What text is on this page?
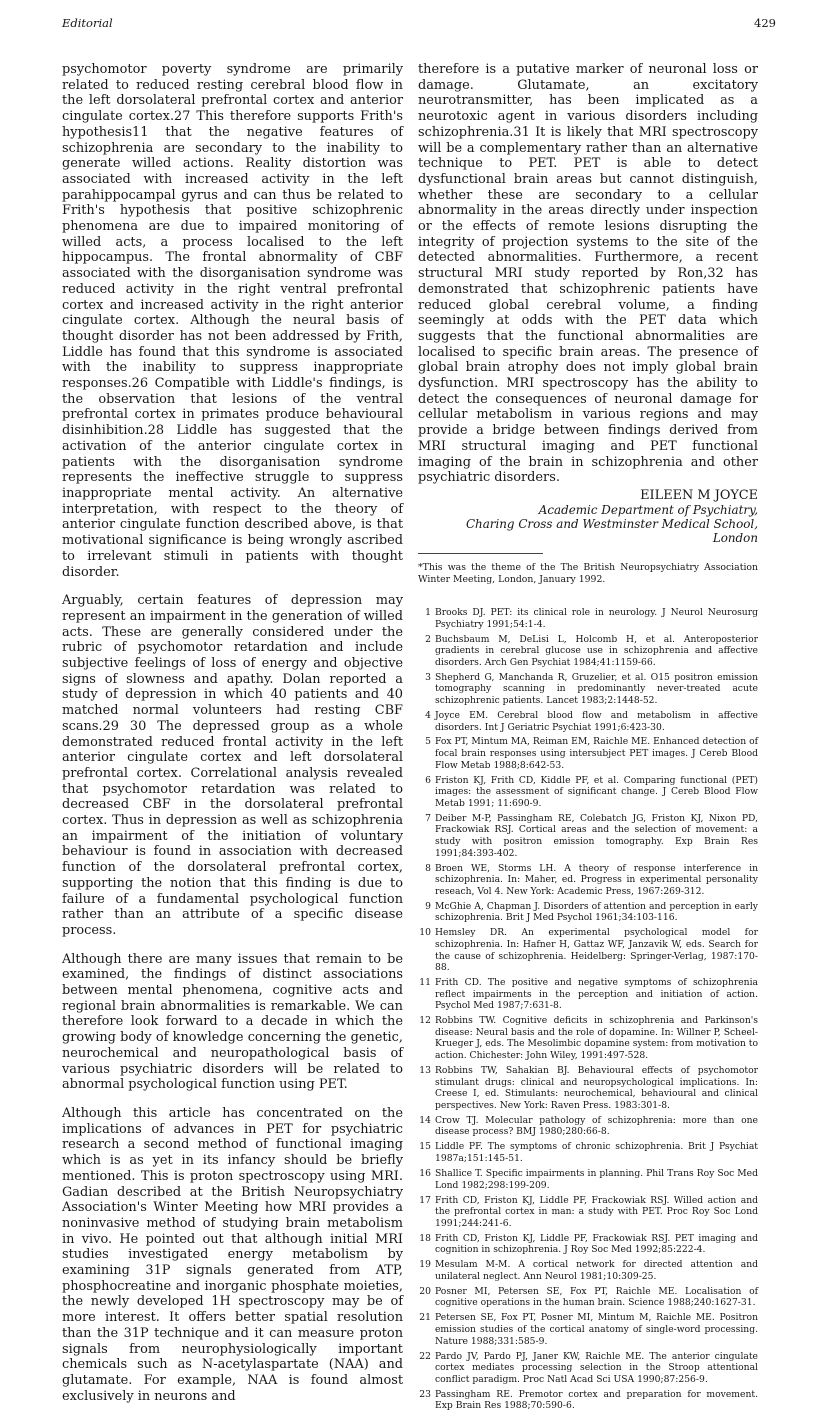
Editorial	429

psychomotor poverty syndrome are primarily related to reduced resting cerebral blood flow in the left dorsolateral prefrontal cortex and anterior cingulate cortex.27 This therefore supports Frith's hypothesis11 that the negative features of schizophrenia are secondary to the inability to generate willed actions. Reality distortion was associated with increased activity in the left parahippocampal gyrus and can thus be related to Frith's hypothesis that positive schizophrenic phenomena are due to impaired monitoring of willed acts, a process localised to the left hippocampus. The frontal abnormality of CBF associated with the disorganisation syndrome was reduced activity in the right ventral prefrontal cortex and increased activity in the right anterior cingulate cortex. Although the neural basis of thought disorder has not been addressed by Frith, Liddle has found that this syndrome is associated with the inability to suppress inappropriate responses.26 Compatible with Liddle's findings, is the observation that lesions of the ventral prefrontal cortex in primates produce behavioural disinhibition.28 Liddle has suggested that the activation of the anterior cingulate cortex in patients with the disorganisation syndrome represents the ineffective struggle to suppress inappropriate mental activity. An alternative interpretation, with respect to the theory of anterior cingulate function described above, is that motivational significance is being wrongly ascribed to irrelevant stimuli in patients with thought disorder.

Arguably, certain features of depression may represent an impairment in the generation of willed acts. These are generally considered under the rubric of psychomotor retardation and include subjective feelings of loss of energy and objective signs of slowness and apathy. Dolan reported a study of depression in which 40 patients and 40 matched normal volunteers had resting CBF scans.29 30 The depressed group as a whole demonstrated reduced frontal activity in the left anterior cingulate cortex and left dorsolateral prefrontal cortex. Correlational analysis revealed that psychomotor retardation was related to decreased CBF in the dorsolateral prefrontal cortex. Thus in depression as well as schizophrenia an impairment of the initiation of voluntary behaviour is found in association with decreased function of the dorsolateral prefrontal cortex, supporting the notion that this finding is due to failure of a fundamental psychological function rather than an attribute of a specific disease process.

Although there are many issues that remain to be examined, the findings of distinct associations between mental phenomena, cognitive acts and regional brain abnormalities is remarkable. We can therefore look forward to a decade in which the growing body of knowledge concerning the genetic, neurochemical and neuropathological basis of various psychiatric disorders will be related to abnormal psychological function using PET.

Although this article has concentrated on the implications of advances in PET for psychiatric research a second method of functional imaging which is as yet in its infancy should be briefly mentioned. This is proton spectroscopy using MRI. Gadian described at the British Neuropsychiatry Association's Winter Meeting how MRI provides a noninvasive method of studying brain metabolism in vivo. He pointed out that although initial MRI studies investigated energy metabolism by examining 31P signals generated from ATP, phosphocreatine and inorganic phosphate moieties, the newly developed 1H spectroscopy may be of more interest. It offers better spatial resolution than the 31P technique and it can measure proton signals from neurophysiologically important chemicals such as N-acetylaspartate (NAA) and glutamate. For example, NAA is found almost exclusively in neurons and

therefore is a putative marker of neuronal loss or damage. Glutamate, an excitatory neurotransmitter, has been implicated as a neurotoxic agent in various disorders including schizophrenia.31 It is likely that MRI spectroscopy will be a complementary rather than an alternative technique to PET. PET is able to detect dysfunctional brain areas but cannot distinguish, whether these are secondary to a cellular abnormality in the areas directly under inspection or the effects of remote lesions disrupting the integrity of projection systems to the site of the detected abnormalities. Furthermore, a recent structural MRI study reported by Ron,32 has demonstrated that schizophrenic patients have reduced global cerebral volume, a finding seemingly at odds with the PET data which suggests that the functional abnormalities are localised to specific brain areas. The presence of global brain atrophy does not imply global brain dysfunction. MRI spectroscopy has the ability to detect the consequences of neuronal damage for cellular metabolism in various regions and may provide a bridge between findings derived from MRI structural imaging and PET functional imaging of the brain in schizophrenia and other psychiatric disorders.

EILEEN M JOYCE
Academic Department of Psychiatry,
Charing Cross and Westminster Medical School,
London
*This was the theme of the The British Neuropsychiatry Association Winter Meeting, London, January 1992.
1 Brooks DJ. PET: its clinical role in neurology. J Neurol Neurosurg Psychiatry 1991;54:1-4.
2 Buchsbaum M, DeLisi L, Holcomb H, et al. Anteroposterior gradients in cerebral glucose use in schizophrenia and affective disorders. Arch Gen Psychiat 1984;41:1159-66.
3 Shepherd G, Manchanda R, Gruzelier, et al. O15 positron emission tomography scanning in predominantly never-treated acute schizophrenic patients. Lancet 1983;2:1448-52.
4 Joyce EM. Cerebral blood flow and metabolism in affective disorders. Int J Geriatric Psychiat 1991;6:423-30.
5 Fox PT, Mintum MA, Reiman EM, Raichle ME. Enhanced detection of focal brain responses using intersubject PET images. J Cereb Blood Flow Metab 1988;8:642-53.
6 Friston KJ, Frith CD, Kiddle PF, et al. Comparing functional (PET) images: the assessment of significant change. J Cereb Blood Flow Metab 1991; 11:690-9.
7 Deiber M-P, Passingham RE, Colebatch JG, Friston KJ, Nixon PD, Frackowiak RSJ. Cortical areas and the selection of movement: a study with positron emission tomography. Exp Brain Res 1991;84:393-402.
8 Broen WE, Storms LH. A theory of response interference in schizophrenia. In: Maher, ed. Progress in experimental personality reseach, Vol 4. New York: Academic Press, 1967:269-312.
9 McGhie A, Chapman J. Disorders of attention and perception in early schizophrenia. Brit J Med Psychol 1961;34:103-116.
10 Hemsley DR. An experimental psychological model for schizophrenia. In: Hafner H, Gattaz WF, Janzavik W, eds. Search for the cause of schizophrenia. Heidelberg: Springer-Verlag, 1987:170-88.
11 Frith CD. The positive and negative symptoms of schizophrenia reflect impairments in the perception and initiation of action. Psychol Med 1987;7:631-8.
12 Robbins TW. Cognitive deficits in schizophrenia and Parkinson's disease: Neural basis and the role of dopamine. In: Willner P, Scheel-Krueger J, eds. The Mesolimbic dopamine system: from motivation to action. Chichester: John Wiley, 1991:497-528.
13 Robbins TW, Sahakian BJ. Behavioural effects of psychomotor stimulant drugs: clinical and neuropsychological implications. In: Creese I, ed. Stimulants: neurochemical, behavioural and clinical perspectives. New York: Raven Press. 1983:301-8.
14 Crow TJ. Molecular pathology of schizophrenia: more than one disease process? BMJ 1980;280:66-8.
15 Liddle PF. The symptoms of chronic schizophrenia. Brit J Psychiat 1987a;151:145-51.
16 Shallice T. Specific impairments in planning. Phil Trans Roy Soc Med Lond 1982;298:199-209.
17 Frith CD, Friston KJ, Liddle PF, Frackowiak RSJ. Willed action and the prefrontal cortex in man: a study with PET. Proc Roy Soc Lond 1991;244:241-6.
18 Frith CD, Friston KJ, Liddle PF, Frackowiak RSJ. PET imaging and cognition in schizophrenia. J Roy Soc Med 1992;85:222-4.
19 Mesulam M-M. A cortical network for directed attention and unilateral neglect. Ann Neurol 1981;10:309-25.
20 Posner MI, Petersen SE, Fox PT, Raichle ME. Localisation of cognitive operations in the human brain. Science 1988;240:1627-31.
21 Petersen SE, Fox PT, Posner MI, Mintum M, Raichle ME. Positron emission studies of the cortical anatomy of single-word processing. Nature 1988;331:585-9.
22 Pardo JV, Pardo PJ, Janer KW, Raichle ME. The anterior cingulate cortex mediates processing selection in the Stroop attentional conflict paradigm. Proc Natl Acad Sci USA 1990;87:256-9.
23 Passingham RE. Premotor cortex and preparation for movement. Exp Brain Res 1988;70:590-6.
